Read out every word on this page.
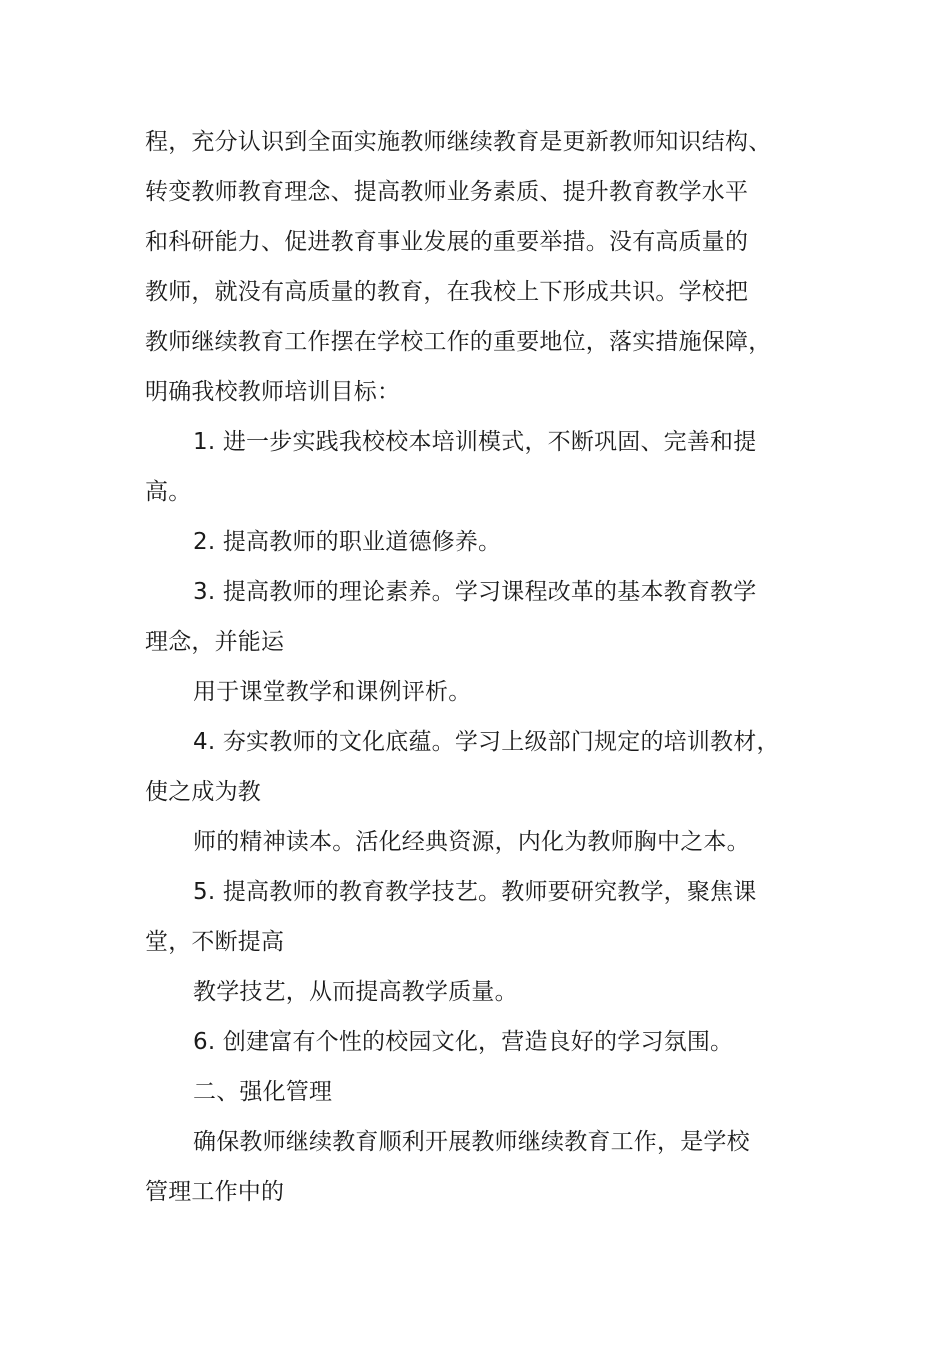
程，充分认识到全面实施教师继续教育是更新教师知识结构、
转变教师教育理念、提高教师业务素质、提升教育教学水平
和科研能力、促进教育事业发展的重要举措。没有高质量的
教师，就没有高质量的教育，在我校上下形成共识。学校把
教师继续教育工作摆在学校工作的重要地位，落实措施保障，
明确我校教师培训目标：
1. 进一步实践我校校本培训模式，不断巩固、完善和提
高。
2. 提高教师的职业道德修养。
3. 提高教师的理论素养。学习课程改革的基本教育教学
理念，并能运
用于课堂教学和课例评析。
4. 夯实教师的文化底蕴。学习上级部门规定的培训教材，
使之成为教
师的精神读本。活化经典资源，内化为教师胸中之本。
5. 提高教师的教育教学技艺。教师要研究教学，聚焦课
堂，不断提高
教学技艺，从而提高教学质量。
6. 创建富有个性的校园文化，营造良好的学习氛围。
二、强化管理
确保教师继续教育顺利开展教师继续教育工作，是学校
管理工作中的
